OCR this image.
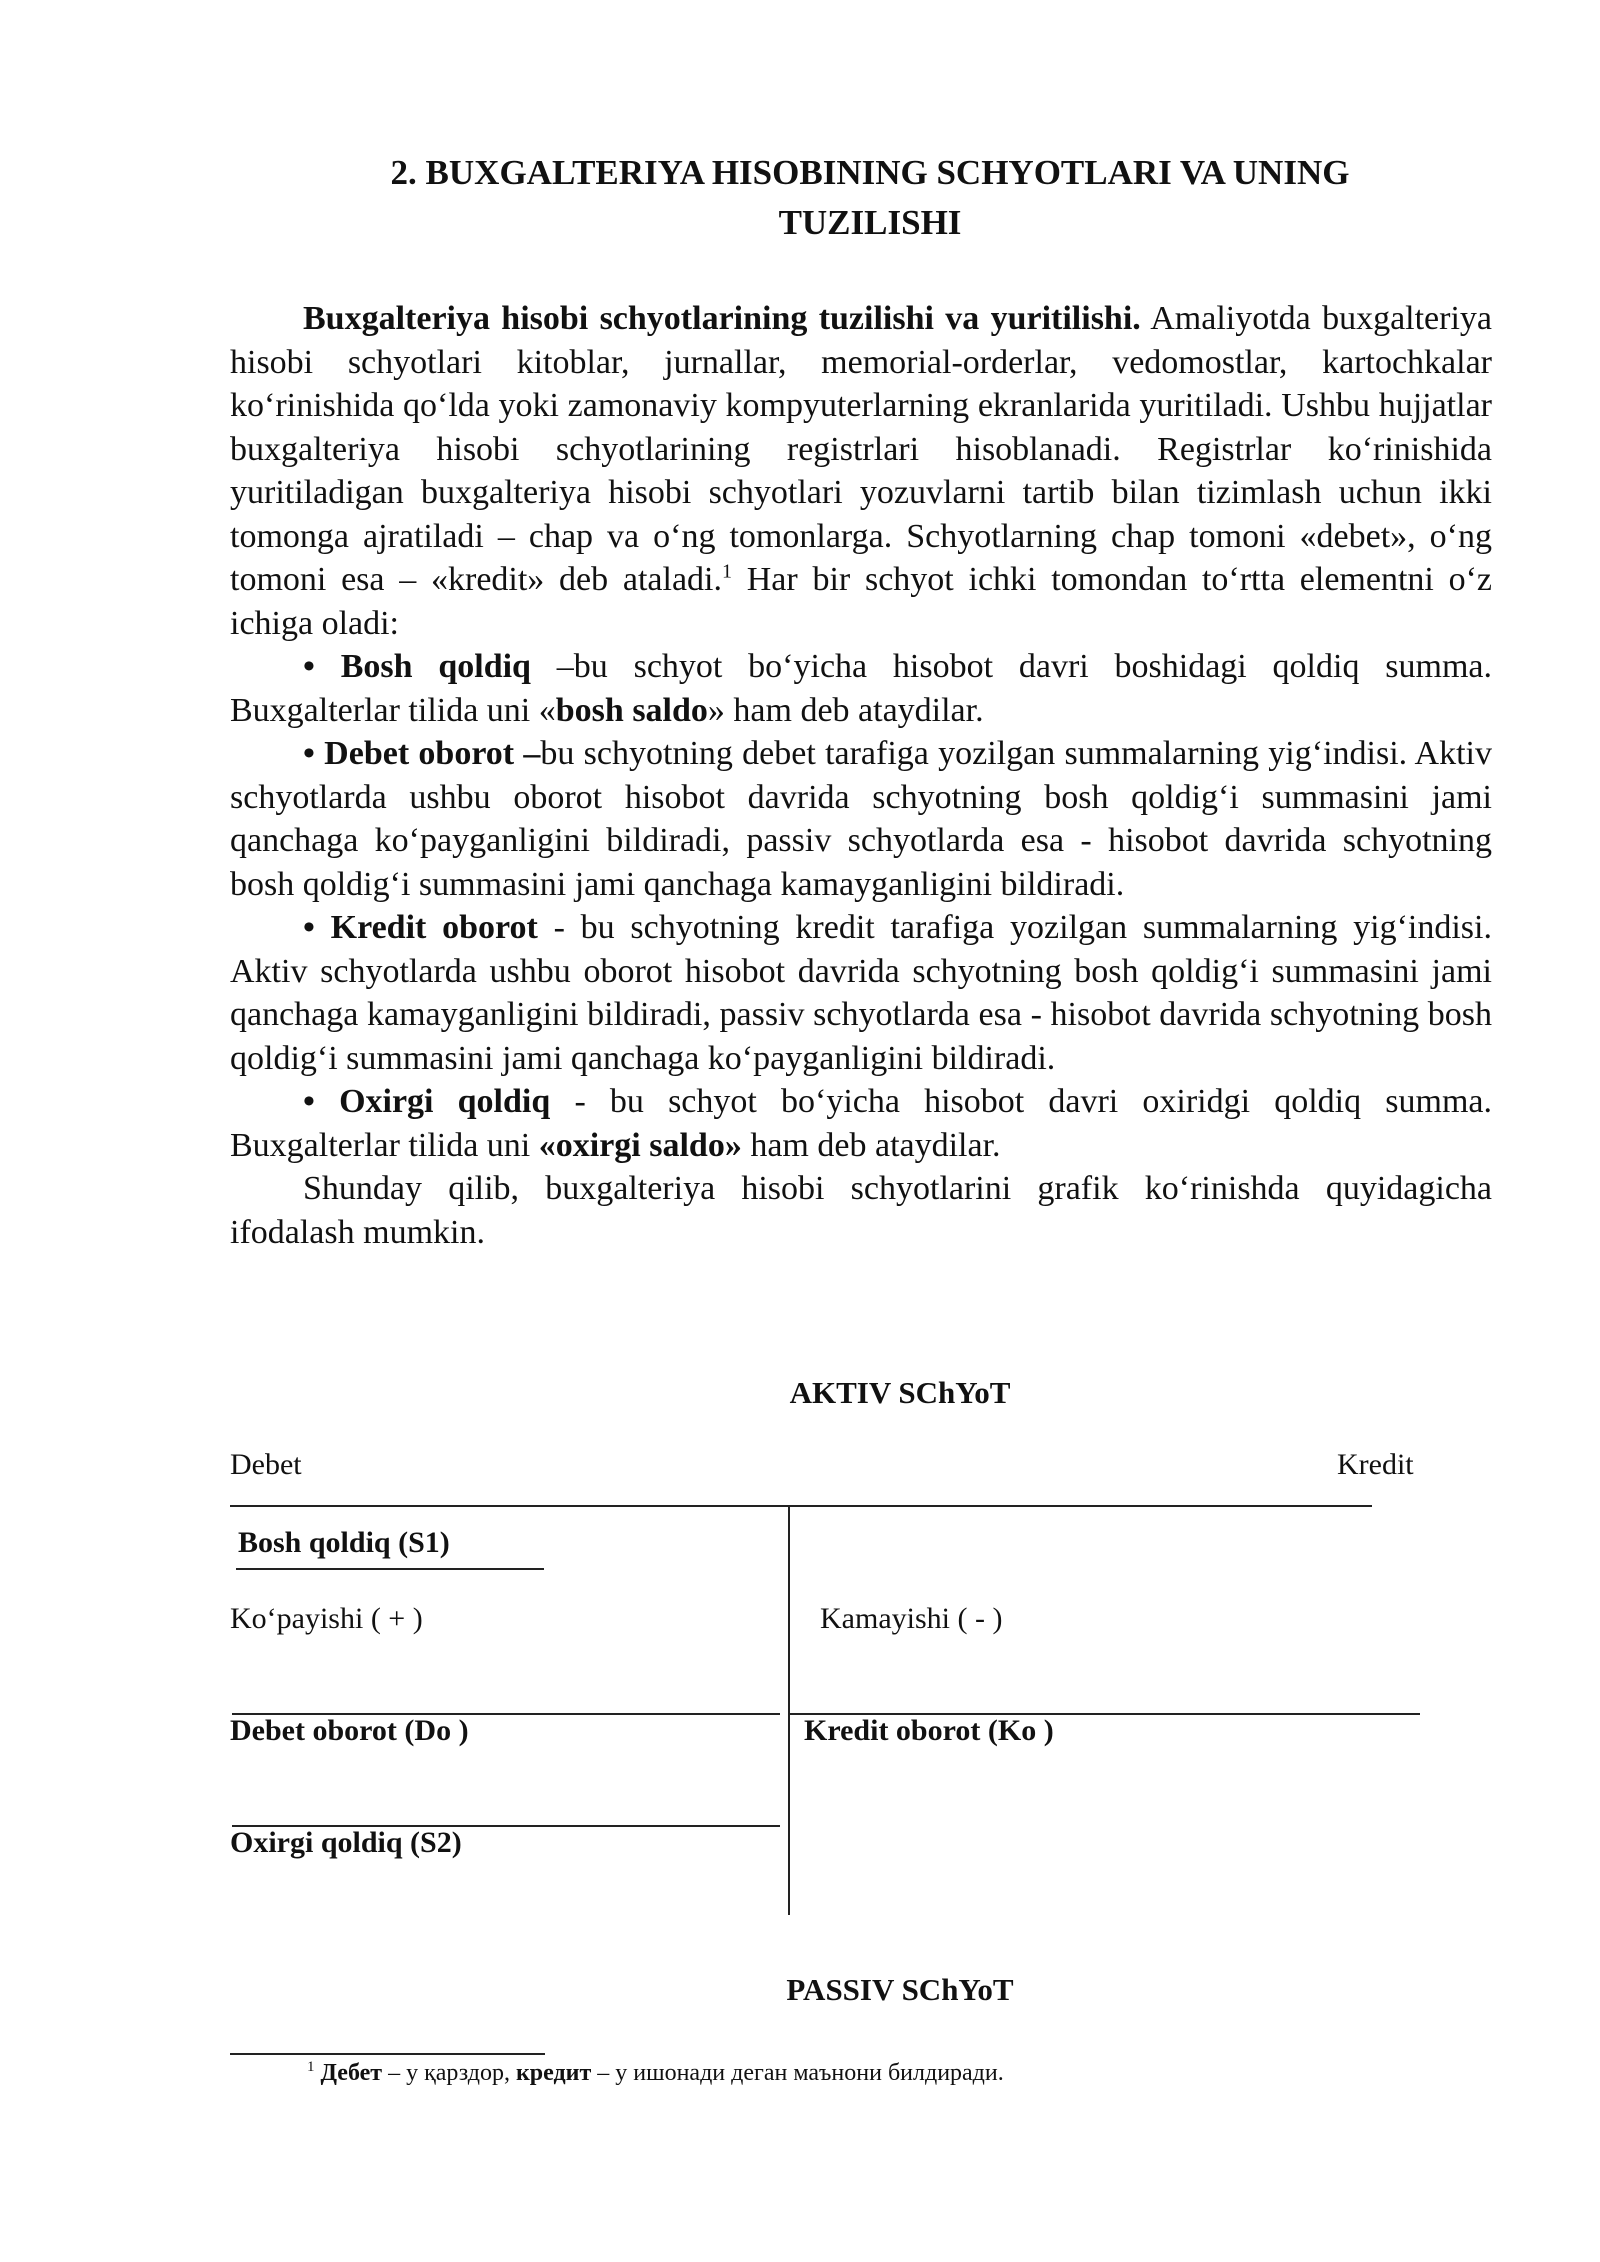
2. BUXGALTERIYA HISOBINING SCHYOTLARI VA UNING
TUZILISHI

Buxgalteriya hisobi schyotlarining tuzilishi va yuritilishi. Amaliyotda buxgalteriya hisobi schyotlari kitoblar, jurnallar, memorial-orderlar, vedomostlar, kartochkalar koʻrinishida qoʻlda yoki zamonaviy kompyuterlarning ekranlarida yuritiladi. Ushbu hujjatlar buxgalteriya hisobi schyotlarining registrlari hisoblanadi. Registrlar koʻrinishida yuritiladigan buxgalteriya hisobi schyotlari yozuvlarni tartib bilan tizimlash uchun ikki tomonga ajratiladi – chap va oʻng tomonlarga. Schyotlarning chap tomoni «debet», oʻng tomoni esa – «kredit» deb ataladi.$^1$ Har bir schyot ichki tomondan toʻrtta elementni oʻz ichiga oladi:

• Bosh qoldiq –bu schyot boʻyicha hisobot davri boshidagi qoldiq summa. Buxgalterlar tilida uni «bosh saldo» ham deb ataydilar.

• Debet oborot –bu schyotning debet tarafiga yozilgan summalarning yigʻindisi. Aktiv schyotlarda ushbu oborot hisobot davrida schyotning bosh qoldigʻi summasini jami qanchaga koʻpayganligini bildiradi, passiv schyotlarda esa - hisobot davrida schyotning bosh qoldigʻi summasini jami qanchaga kamayganligini bildiradi.

• Kredit oborot - bu schyotning kredit tarafiga yozilgan summalarning yigʻindisi. Aktiv schyotlarda ushbu oborot hisobot davrida schyotning bosh qoldigʻi summasini jami qanchaga kamayganligini bildiradi, passiv schyotlarda esa - hisobot davrida schyotning bosh qoldigʻi summasini jami qanchaga koʻpayganligini bildiradi.

• Oxirgi qoldiq - bu schyot boʻyicha hisobot davri oxiridgi qoldiq summa. Buxgalterlar tilida uni «oxirgi saldo» ham deb ataydilar.

Shunday qilib, buxgalteriya hisobi schyotlarini grafik koʻrinishda quyidagicha ifodalash mumkin.

AKTIV SChYoT
Debet	Kredit
Bosh qoldiq (S1)
Koʻpayishi ( + )	Kamayishi ( - )
Debet oborot (Do )	Kredit oborot (Ko )
Oxirgi qoldiq (S2)
PASSIV SChYoT
$^1$ Дебет – у қарздор, кредит – у ишонади деган маънони билдиради.
